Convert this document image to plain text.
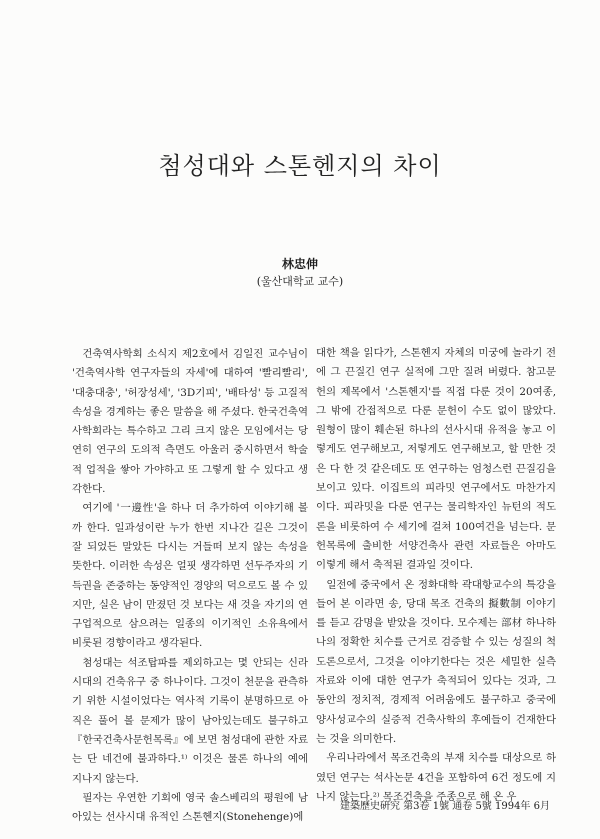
첨성대와 스톤헨지의 차이
林忠伸
(울산대학교 교수)

건축역사학회 소식지 제2호에서 김일진 교수님이 '건축역사학 연구자들의 자세'에 대하여 '빨리빨리', '대충대충', '허장성세', '3D기피', '배타성' 등 고질적 속성을 경계하는 좋은 말씀을 해 주셨다. 한국건축역사학회라는 특수하고 그리 크지 않은 모임에서는 당연히 연구의 도의적 측면도 아울러 중시하면서 학술적 업적을 쌓아 가야하고 또 그렇게 할 수 있다고 생각한다.

여기에 '一邊性'을 하나 더 추가하여 이야기해 볼까 한다. 일과성이란 누가 한번 지나간 길은 그것이 잘 되었든 말았든 다시는 거들떠 보지 않는 속성을 뜻한다. 이러한 속성은 얼핏 생각하면 선두주자의 기득권을 존중하는 동양적인 경양의 덕으로도 볼 수 있지만, 실은 남이 만졌던 것 보다는 새 것을 자기의 연구업적으로 삼으려는 일종의 이기적인 소유욕에서 비롯된 경향이라고 생각된다.

첨성대는 석조탑파를 제외하고는 몇 안되는 신라시대의 건축유구 중 하나이다. 그것이 천문을 관측하기 위한 시설이었다는 역사적 기록이 분명하므로 아직은 풀어 볼 문제가 많이 남아있는데도 불구하고 『한국건축사문헌목록』에 보면 첨성대에 관한 자료는 단 네건에 불과하다.¹⁾ 이것은 물론 하나의 예에 지나지 않는다.

필자는 우연한 기회에 영국 솔스베리의 평원에 남아있는 선사시대 유적인 스톤헨지(Stonehenge)에

대한 책을 읽다가, 스톤헨지 자체의 미궁에 놀라기 전에 그 끈질긴 연구 실적에 그만 질려 버렸다. 참고문헌의 제목에서 '스톤헨지'를 직접 다룬 것이 20여종, 그 밖에 간접적으로 다룬 문헌이 수도 없이 많았다. 원형이 많이 훼손된 하나의 선사시대 유적을 놓고 이렇게도 연구해보고, 저렇게도 연구해보고, 할 만한 것은 다 한 것 같은데도 또 연구하는 엄청스런 끈질김을 보이고 있다. 이집트의 피라밋 연구에서도 마찬가지이다. 피라밋을 다룬 연구는 물리학자인 뉴턴의 적도론을 비롯하여 수 세기에 걸쳐 100여건을 넘는다. 문헌목록에 출비한 서양건축사 관련 자료들은 아마도 이렇게 해서 축적된 결과일 것이다.

일전에 중국에서 온 정화대학 곽대항교수의 특강을 들어 본 이라면 송, 당대 목조 건축의 擬數制 이야기를 듣고 감명을 받았을 것이다. 모수제는 部材 하나하나의 정확한 치수를 근거로 검증할 수 있는 성질의 척도론으로서, 그것을 이야기한다는 것은 세밀한 실측자료와 이에 대한 연구가 축적되어 있다는 것과, 그 동안의 정치적, 경제적 어려움에도 불구하고 중국에 양사성교수의 실증적 건축사학의 후예들이 건재한다는 것을 의미한다.

우리나라에서 목조건축의 부재 치수를 대상으로 하였던 연구는 석사논문 4건을 포함하여 6건 정도에 지나지 않는다.²⁾ 목조건축을 주종으로 해 온 우

建築歷史硏究 第3卷 1號 通卷 5號 1994年 6月
